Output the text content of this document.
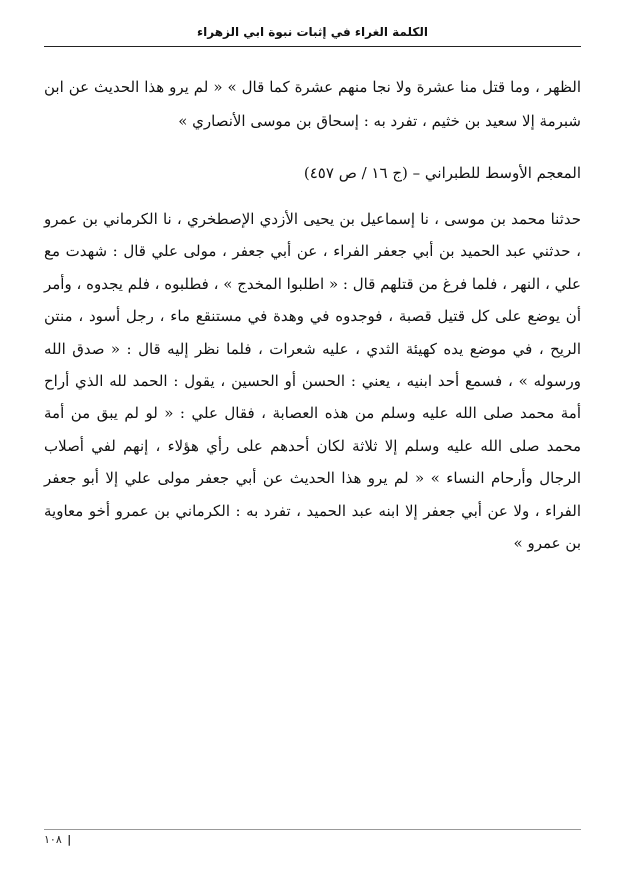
الكلمة الغراء في إثبات نبوة ابي الزهراء
الظهر ، وما قتل منا عشرة ولا نجا منهم عشرة كما قال » « لم يرو هذا الحديث عن ابن شبرمة إلا سعيد بن خثيم ، تفرد به : إسحاق بن موسى الأنصاري »
المعجم الأوسط للطبراني – (ج ١٦ / ص ٤٥٧)
حدثنا محمد بن موسى ، نا إسماعيل بن يحيى الأزدي الإصطخري ، نا الكرماني بن عمرو ، حدثني عبد الحميد بن أبي جعفر الفراء ، عن أبي جعفر ، مولى علي قال : شهدت مع علي ، النهر ، فلما فرغ من قتلهم قال : « اطلبوا المخدج » ، فطلبوه ، فلم يجدوه ، وأمر أن يوضع على كل قتيل قصبة ، فوجدوه في وهدة في مستنقع ماء ، رجل أسود ، منتن الريح ، في موضع يده كهيئة الثدي ، عليه شعرات ، فلما نظر إليه قال : « صدق الله ورسوله » ، فسمع أحد ابنيه ، يعني : الحسن أو الحسين ، يقول : الحمد لله الذي أراح أمة محمد صلى الله عليه وسلم من هذه العصابة ، فقال علي : « لو لم يبق من أمة محمد صلى الله عليه وسلم إلا ثلاثة لكان أحدهم على رأي هؤلاء ، إنهم لفي أصلاب الرجال وأرحام النساء » « لم يرو هذا الحديث عن أبي جعفر مولى علي إلا أبو جعفر الفراء ، ولا عن أبي جعفر إلا ابنه عبد الحميد ، تفرد به : الكرماني بن عمرو أخو معاوية بن عمرو »
| ١٠٨
